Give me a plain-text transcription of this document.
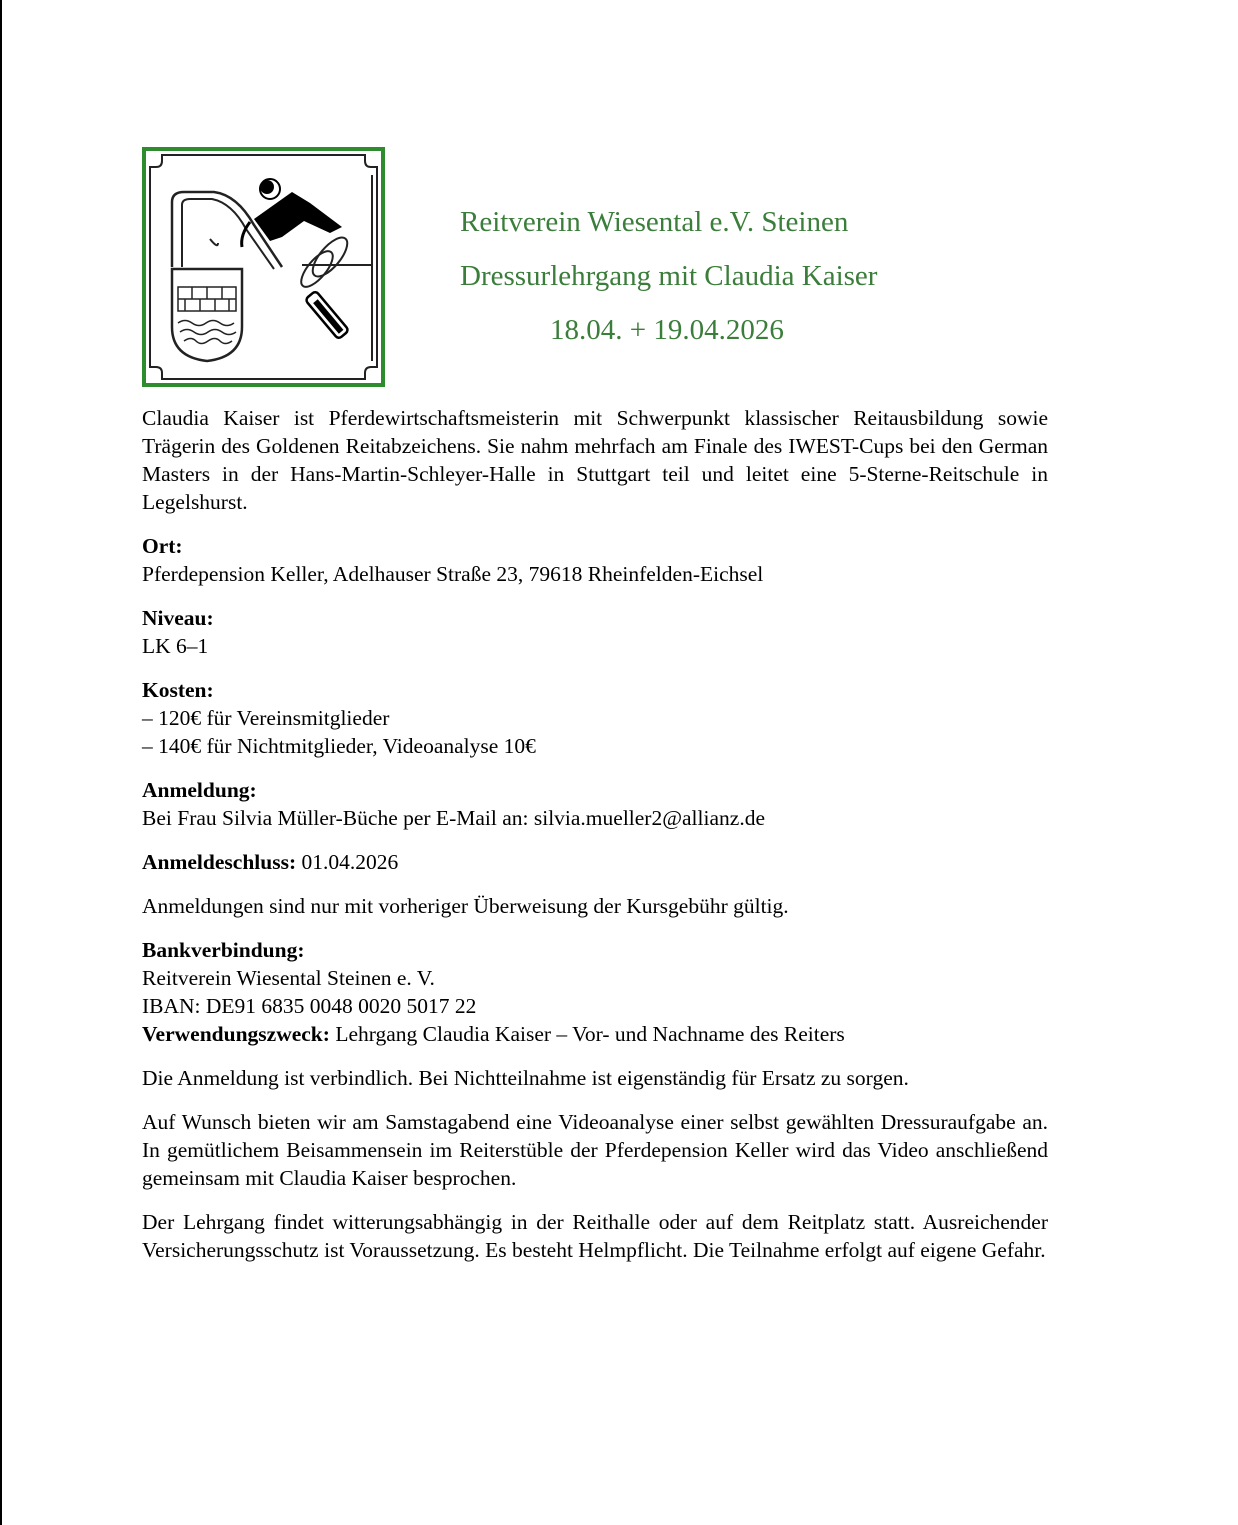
Reitverein Wiesental e.V. Steinen
Dressurlehrgang mit Claudia Kaiser
18.04. + 19.04.2026

Claudia Kaiser ist Pferdewirtschaftsmeisterin mit Schwerpunkt klassischer Reitausbildung sowie Trägerin des Goldenen Reitabzeichens. Sie nahm mehrfach am Finale des IWEST-Cups bei den German Masters in der Hans-Martin-Schleyer-Halle in Stuttgart teil und leitet eine 5-Sterne-Reitschule in Legelshurst.

Ort:
Pferdepension Keller, Adelhauser Straße 23, 79618 Rheinfelden-Eichsel

Niveau:
LK 6–1

Kosten:
– 120€ für Vereinsmitglieder
– 140€ für Nichtmitglieder, Videoanalyse 10€

Anmeldung:
Bei Frau Silvia Müller-Büche per E-Mail an: silvia.mueller2@allianz.de

Anmeldeschluss: 01.04.2026

Anmeldungen sind nur mit vorheriger Überweisung der Kursgebühr gültig.

Bankverbindung:
Reitverein Wiesental Steinen e. V.
IBAN: DE91 6835 0048 0020 5017 22
Verwendungszweck: Lehrgang Claudia Kaiser – Vor- und Nachname des Reiters

Die Anmeldung ist verbindlich. Bei Nichtteilnahme ist eigenständig für Ersatz zu sorgen.

Auf Wunsch bieten wir am Samstagabend eine Videoanalyse einer selbst gewählten Dressuraufgabe an. In gemütlichem Beisammensein im Reiterstüble der Pferdepension Keller wird das Video anschließend gemeinsam mit Claudia Kaiser besprochen.

Der Lehrgang findet witterungsabhängig in der Reithalle oder auf dem Reitplatz statt. Ausreichender Versicherungsschutz ist Voraussetzung. Es besteht Helmpflicht. Die Teilnahme erfolgt auf eigene Gefahr.
